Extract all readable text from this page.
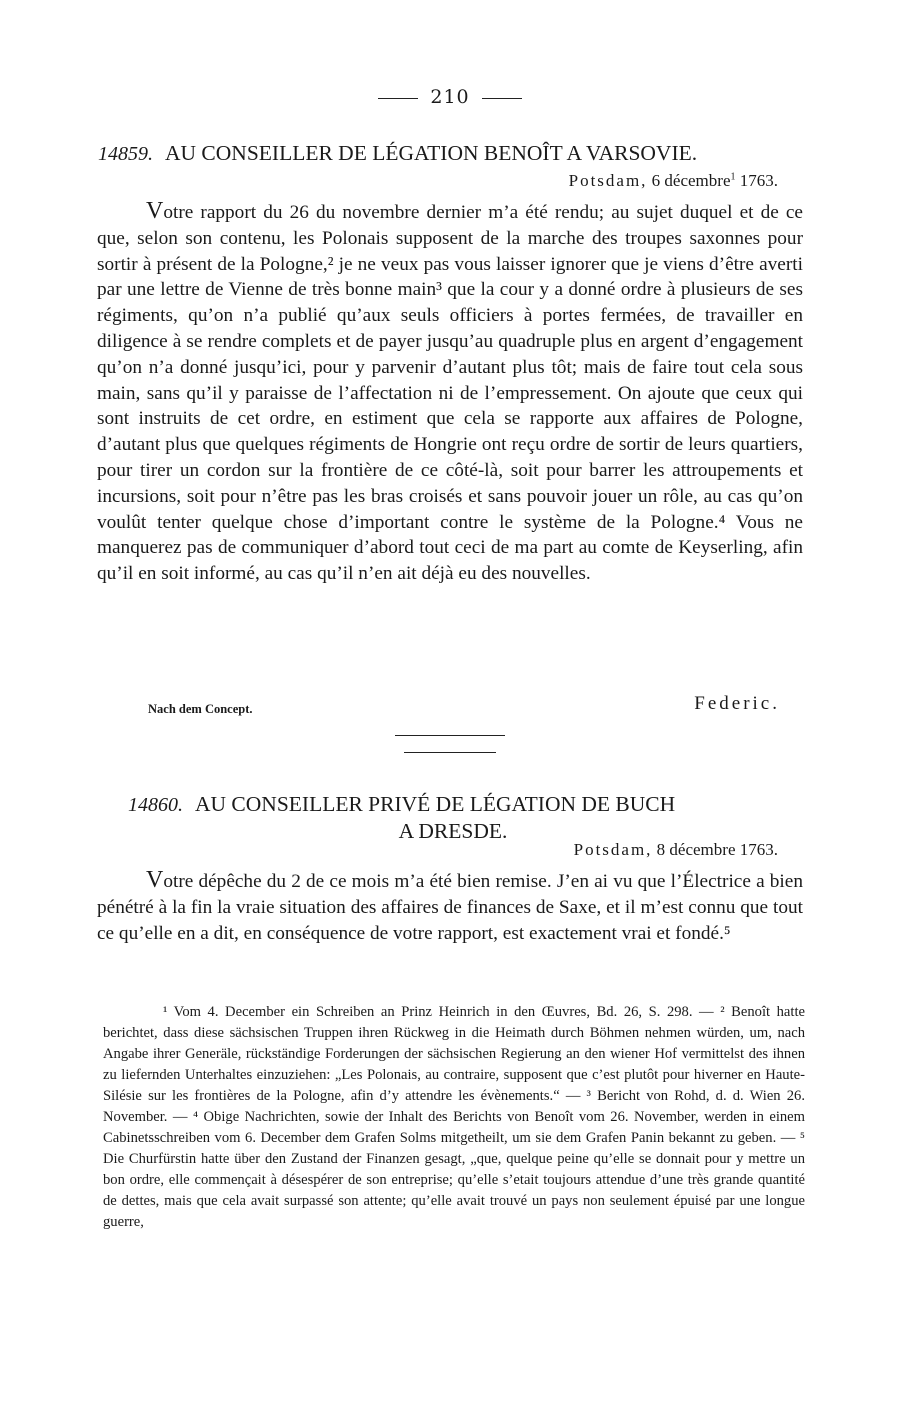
210
14859. AU CONSEILLER DE LÉGATION BENOÎT A VARSOVIE.
Potsdam, 6 décembre$^1$ 1763.

Votre rapport du 26 du novembre dernier m’a été rendu; au sujet duquel et de ce que, selon son contenu, les Polonais supposent de la marche des troupes saxonnes pour sortir à présent de la Pologne,² je ne veux pas vous laisser ignorer que je viens d’être averti par une lettre de Vienne de très bonne main³ que la cour y a donné ordre à plusieurs de ses régiments, qu’on n’a publié qu’aux seuls officiers à portes fermées, de travailler en diligence à se rendre complets et de payer jusqu’au quadruple plus en argent d’engagement qu’on n’a donné jusqu’ici, pour y parvenir d’autant plus tôt; mais de faire tout cela sous main, sans qu’il y paraisse de l’affectation ni de l’empressement. On ajoute que ceux qui sont instruits de cet ordre, en estiment que cela se rapporte aux affaires de Pologne, d’autant plus que quelques régiments de Hongrie ont reçu ordre de sortir de leurs quartiers, pour tirer un cordon sur la frontière de ce côté-là, soit pour barrer les attroupements et incursions, soit pour n’être pas les bras croisés et sans pouvoir jouer un rôle, au cas qu’on voulût tenter quelque chose d’important contre le système de la Pologne.⁴ Vous ne manquerez pas de communiquer d’abord tout ceci de ma part au comte de Keyserling, afin qu’il en soit informé, au cas qu’il n’en ait déjà eu des nouvelles.

Nach dem Concept.	Federic.
14860. AU CONSEILLER PRIVÉ DE LÉGATION DE BUCH
A DRESDE.
Potsdam, 8 décembre 1763.

Votre dépêche du 2 de ce mois m’a été bien remise. J’en ai vu que l’Électrice a bien pénétré à la fin la vraie situation des affaires de finances de Saxe, et il m’est connu que tout ce qu’elle en a dit, en conséquence de votre rapport, est exactement vrai et fondé.⁵

¹ Vom 4. December ein Schreiben an Prinz Heinrich in den Œuvres, Bd. 26, S. 298. — ² Benoît hatte berichtet, dass diese sächsischen Truppen ihren Rückweg in die Heimath durch Böhmen nehmen würden, um, nach Angabe ihrer Generäle, rückständige Forderungen der sächsischen Regierung an den wiener Hof vermittelst des ihnen zu liefernden Unterhaltes einzuziehen: „Les Polonais, au contraire, supposent que c’est plutôt pour hiverner en Haute-Silésie sur les frontières de la Pologne, afin d’y attendre les évènements.“ — ³ Bericht von Rohd, d. d. Wien 26. November. — ⁴ Obige Nachrichten, sowie der Inhalt des Berichts von Benoît vom 26. November, werden in einem Cabinetsschreiben vom 6. December dem Grafen Solms mitgetheilt, um sie dem Grafen Panin bekannt zu geben. — ⁵ Die Churfürstin hatte über den Zustand der Finanzen gesagt, „que, quelque peine qu’elle se donnait pour y mettre un bon ordre, elle commençait à désespérer de son entreprise; qu’elle s’etait toujours attendue d’une très grande quantité de dettes, mais que cela avait surpassé son attente; qu’elle avait trouvé un pays non seulement épuisé par une longue guerre,
